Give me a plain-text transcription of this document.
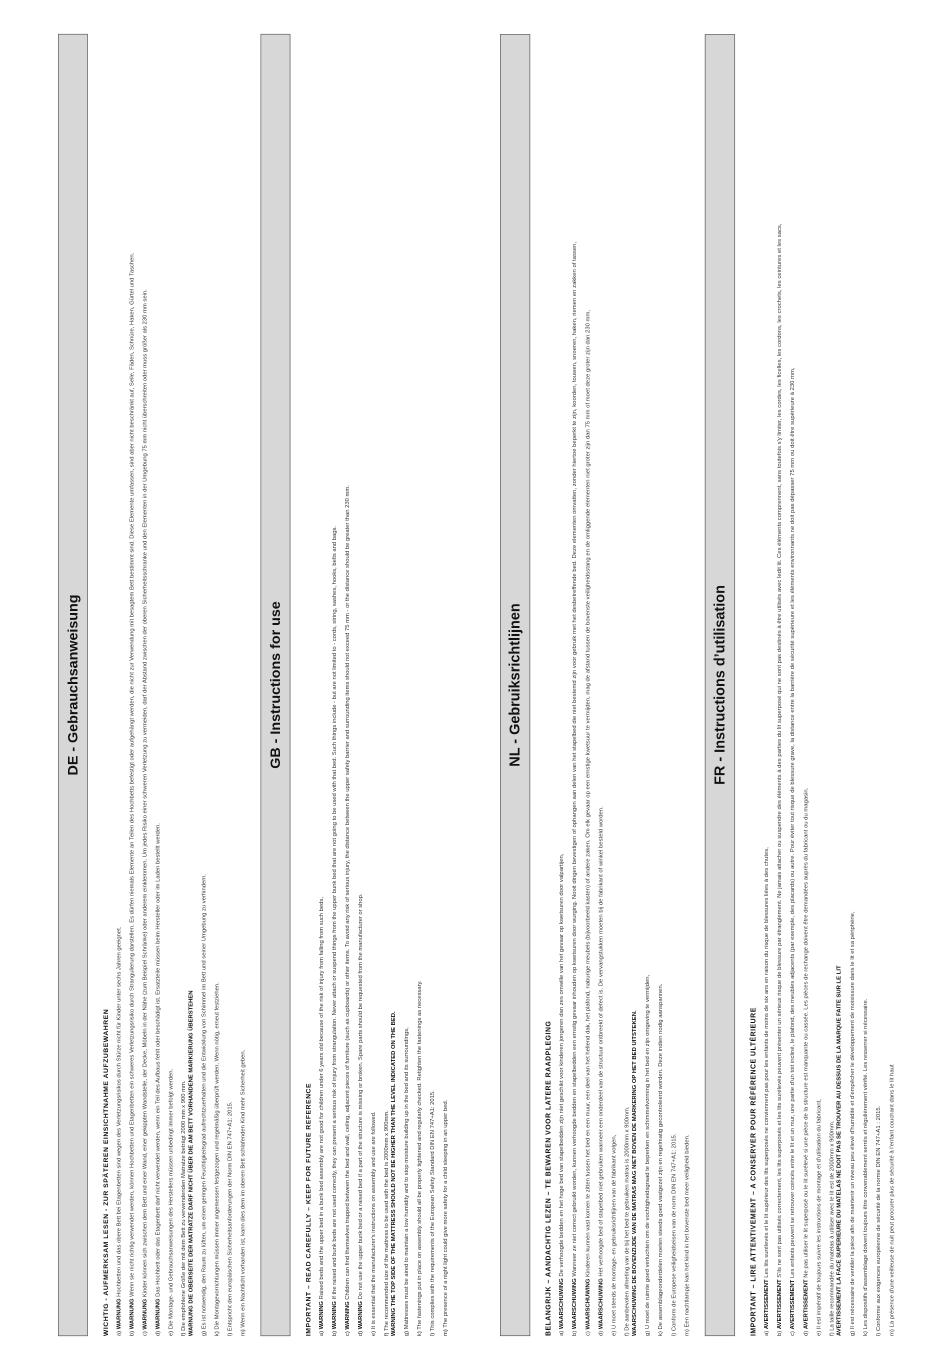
DE - Gebrauchsanweisung
WICHTIG - AUFMERKSAM LESEN - ZUR SPÄTEREN EINSICHTNAHME AUFZUBEWAHREN a) WARNUNG Hochbetten und das obere Bett bei Etagenbetten sind wegen des Verletzungsrisikos durch Stürze nicht für Kinder unter sechs Jahren geeignet.

b) WARNUNG Wenn sie nicht richtig verwendet werden, können Hochbetten und Etagenbetten ein schweres Verletzungsrisiko durch Strangulierung darstellen. Es dürfen niemals Elemente an Teilen des Hochbetts befestigt oder aufgehängt werden, die nicht zur Verwendung mit besagtem Bett bestimmt sind. Diese Elemente umfassen, sind aber nicht beschränkt auf, Seile, Fäden, Schnüre, Haken, Gürtel und Taschen.

c) WARNUNG Kinder können sich zwischen dem Bett und einer Wand, einer gekippten Wandstelle, der Decke, Möbeln in der Nähe (zum Beispiel Schränke) oder anderem einklemmen. Um jedes Risiko einer schweren Verletzung zu vermeiden, darf der Abstand zwischen der oberen Sicherheitsschranke und den Elementen in der Umgebung 75 mm nicht überschreiten oder muss größer als 230 mm sein.

d) WARNUNG Das Hochbett oder das Etagenbett darf nicht verwendet werden, wenn ein Teil des Aufbaus fehlt oder beschädigt ist. Ersatzteile müssen beim Hersteller oder im Laden bestellt werden.

e) Die Montage- und Gebrauchsanweisungen des Herstellers müssen unbedingt immer befolgt werden.

f) Die empfohlene Größe der mit dem Bett zu verwendenden Matratze beträgt 2000 mm x 900 mm.
WARNUNG DIE OBERSEITE DER MATRATZE DARF NICHT ÜBER DIE AM BETT VORHANDENE MARKIERUNG ÜBERSTEHEN g) Es ist notwendig, den Raum zu lüften, um einen geringen Feuchtigkeitsgrad aufrechtzuerhalten und die Entwicklung von Schimmel im Bett und seiner Umgebung zu verhindern.

k) Die Montagevorrichtungen müssen immer angemessen festgezogen und regelmäßig überprüft werden. Wenn nötig, erneut festziehen.

l) Entspricht den europäischen Sicherheitsanforderungen der Norm DIN EN 747+A1: 2015.

m) Wenn ein Nachtlicht vorhanden ist, kann dies dem im oberen Bett schlafenden Kind mehr Sicherheit geben.

GB - Instructions for use
IMPORTANT – READ CAREFULLY – KEEP FOR FUTURE REFERENCE a) WARNING Raised beds and the upper bed in a bunk bed assembly are not good for children under 6 years old because of the risk of injury from falling from such beds,

b) WARNING If the raised and bunk beds are not used correctly, they can present a serious risk of injury from strangulation. Never attach or suspend things from the upper bunk bed that are not going to be used with that bed. Such things include - but are not limited to - cords, string, sashes, hooks, belts and bags.

c) WARNING Children can find themselves trapped between the bed and wall, ceiling, adjacent pieces of furniture (such as cupboards) or other items. To avoid any risk of serious injury, the distance between the upper safety barrier and surrounding items should not exceed 75 mm - or the distance should be greater than 230 mm.

d) WARNING Do not use the upper bunk bed or a raised bed if a part of the structure is missing or broken. Spare parts should be requested from the manufacturer or shop.

e) It is essential that the manufacturer's instructions on assembly and use are followed.

f) The recommended size of the mattress to be used with the bed is 2000mm x 900mm.
WARNING THE TOP SIDE OF THE MATTRESS SHOULD NOT BE HIGHER THAN THE LEVEL INDICATED ON THE BED. g) Mattresses must be aired to maintain a low humidity and to stop moisture building up in the bed and its surroundings,

k) The fastenings put in place on assembly should all be properly tightened and regularly checked. Retighten the fastenings as necessary.

l) This complies with the requirements of the European Safety Standard DIN EN 747+A1: 2015.

m) The presence of a night light could give more safety for a child sleeping in an upper bed.

NL - Gebruiksrichtlijnen
BELANGRIJK – AANDACHTIG LEZEN – TE BEWAREN VOOR LATERE RAADPLEGING a) WAARSCHUWING De verhoogde bedden en het hoge bed van stapelbedden zijn niet geschikt voor kinderen jongeren dan zes omwille van het gevaar op kwetsuren door valpartijen,

b) WAARSCHUWING Wanneer ze niet correct gebruikt worden, kunnen verhoogde bedden en stapelbedden een ernstig gevaar inhouden op kwetsuren door wurging. Nooit dingen bevestigen of ophangen aan delen van het stapelbed die niet bestemd zijn voor gebruik met het desbetreffende bed. Deze elementen omvatten, zonder hiertoe beperkt te zijn, koorden, touwen, snoeren, haken, riemen en zakken of tassen,

c) WAARSCHUWING Kinderen kunnen vast komen te zitten tussen het bed en een muur, een deel van het hellend dak, het plafond, naburige meubels (bijvoorbeeld kasten) of andere zaken. Om elk gevaar op een ernstige kwetsuur te vermijden, mag de afstand tussen de bovenste veiligheidsstang en de omliggende elementen niet groter zijn dan 75 mm of moet deze groter zijn dan 230 mm,

d) WAARSCHUWING Het verhoogde bed of stapelbed niet gebruiken wanneer een onderdeel van de structuur ontbreekt of defect is. De vervangstukken moeten bij de fabrikant of winkel besteld worden.

e) U moet steeds de montage- en gebruiksrichtlijnen van de fabrikant volgen,

f) De aanbevolen afmeting van de bij het bed te gebruiken matras is 2000mm x 900mm.
WAARSCHUWING DE BOVENZIJDE VAN DE MATRAS MAG NIET BOVEN DE MARKERING OP HET BED UITSTEKEN. g) U moet de ruimte goed verluchten om de vochtigheidsgraad te beperken en schimmelvorming in het bed en zijn omgeving te vermijden,

k) De assemblageonderdelen moeten steeds goed vastgezet zijn en regelmatig gecontroleerd worden. Deze indien nodig aanspannen.

l) Conform de Europese veiligheidseisen van de norm DIN EN 747+A1: 2015.

m) Een nachtlampje kan het kind in het bovenste bed meer veiligheid bieden.

FR - Instructions d’utilisation
IMPORTANT – LIRE ATTENTIVEMENT – A CONSERVER POUR RÉFÉRENCE ULTÉRIEURE a) AVERTISSEMENT Les lits surélevés et le lit supérieur des lits superposés ne conviennent pas pour les enfants de moins de six ans en raison du risque de blessures liées à des chutes,

b) AVERTISSEMENT S'ils ne sont pas utilisés correctement, les lits superposés et les lits surélevés peuvent présenter un sérieux risque de blessure par étranglement. Ne jamais attacher ou suspendre des éléments à des parties du lit superposé qui ne sont pas destinés à être utilisés avec ledit lit. Ces éléments comprennent, sans toutefois s'y limiter, les cordes, les ficelles, les cordons, les crochets, les ceintures et les sacs,

c) AVERTISSEMENT Les enfants peuvent se retrouver coincés entre le lit et un mur, une partie d'un toit incliné, le plafond, des meubles adjacents (par exemple, des placards) ou autre. Pour éviter tout risque de blessure grave, la distance entre la barrière de sécurité supérieure et les éléments environnants ne doit pas dépasser 75 mm ou doit être supérieure à 230 mm,

d) AVERTISSEMENT Ne pas utiliser le lit superposé ou le lit surélevé si une pièce de la structure est manquante ou cassée. Les pièces de rechange doivent être demandées auprès du fabricant ou du magasin.

e) Il est impératif de toujours suivre les instructions de montage et d'utilisation du fabricant,

f) La taille recommandée du matelas à utiliser avec le lit est de 2000mm x 900mm.
AVERTISSEMENT LA FACE SUPERIEURE DU MATELAS NE DOIT PAS SE TROUVER AU DESSUS DE LA MARQUE FAITE SUR LE LIT g) Il est nécessaire de ventiler la pièce afin de maintenir un niveau peu élevé d'humidité et d'empêcher le développement de moisissure dans le lit et sa périphérie,

k) Les dispositifs d'assemblage doivent toujours être convenablement serrés et régulièrement vérifié. Les resserrer si nécessaire.

l) Conforme aux exigences européenne de sécurité de la norme DIN EN 747+A1 : 2015.

m) La présence d'une veilleuse de nuit peut procurer plus de sécurité à l'enfant couchant dans le lit haut
